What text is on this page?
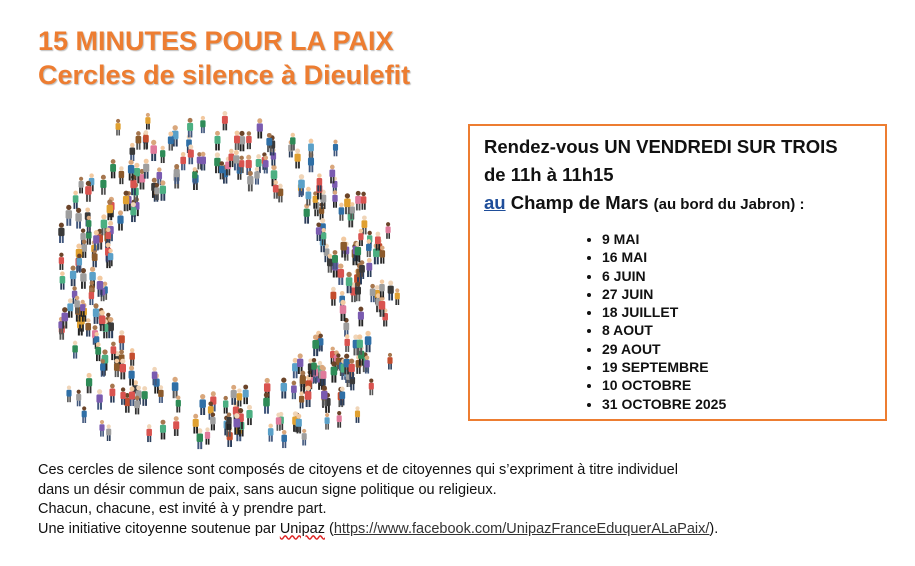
15 MINUTES POUR LA PAIX
Cercles de silence à Dieulefit
Rendez-vous UN VENDREDI SUR TROIS
de 11h à 11h15
au Champ de Mars (au bord du Jabron) :
• 9 MAI
• 16 MAI
• 6 JUIN
• 27 JUIN
• 18 JUILLET
• 8 AOUT
• 29 AOUT
• 19 SEPTEMBRE
• 10 OCTOBRE
• 31 OCTOBRE 2025

Ces cercles de silence sont composés de citoyens et de citoyennes qui s’expriment à titre individuel

dans un désir commun de paix, sans aucun signe politique ou religieux.

Chacun, chacune, est invité à y prendre part.

Une initiative citoyenne soutenue par Unipaz (https://www.facebook.com/UnipazFranceEduquerALaPaix/).
